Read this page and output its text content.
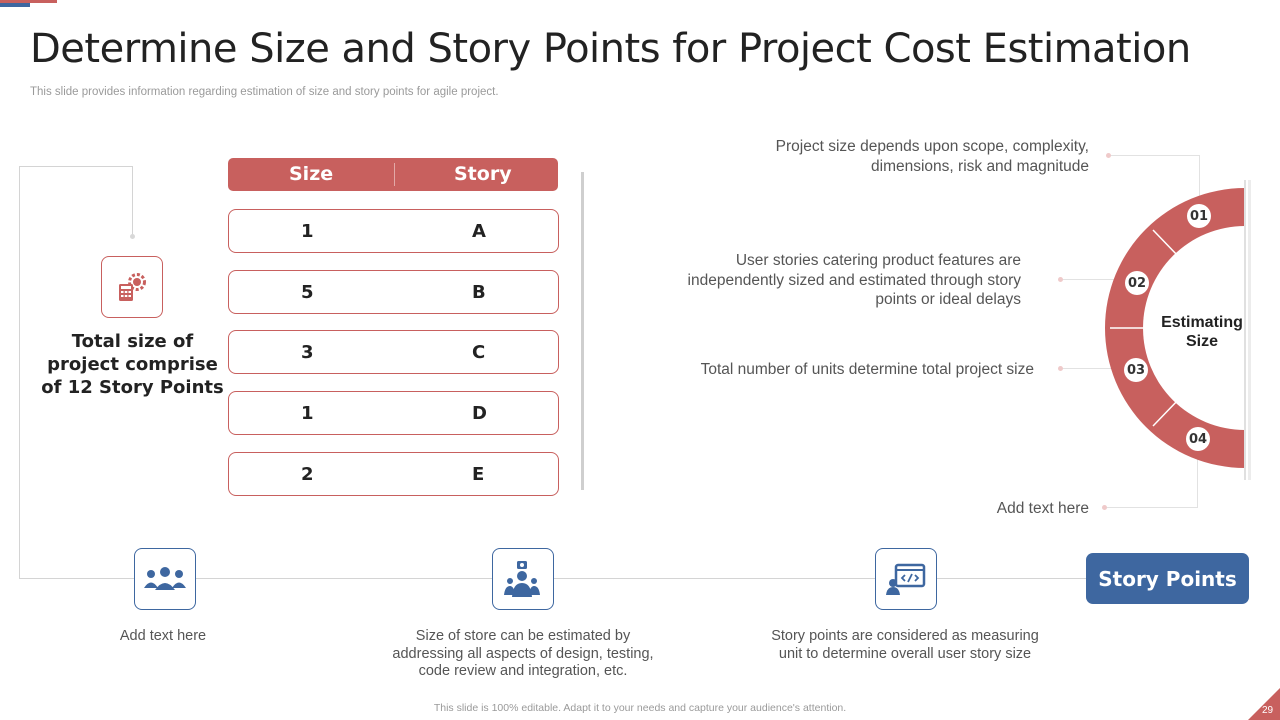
Determine Size and Story Points for Project Cost Estimation
This slide provides information regarding estimation of size and story points for agile project.
Total size of project comprise of 12 Story Points
Size	Story
1	A
5	B
3	C
1	D
2	E
Project size depends upon scope, complexity, dimensions, risk and magnitude
User stories catering product features are independently sized and estimated through story points or ideal delays
Total number of units determine total project size
Add text here
01
02
03
04
Estimating Size
Story Points
Add text here	Size of store can be estimated by addressing all aspects of design, testing, code review and integration, etc.
Story points are considered as measuring unit to determine overall user story size
This slide is 100% editable. Adapt it to your needs and capture your audience's attention.	29
